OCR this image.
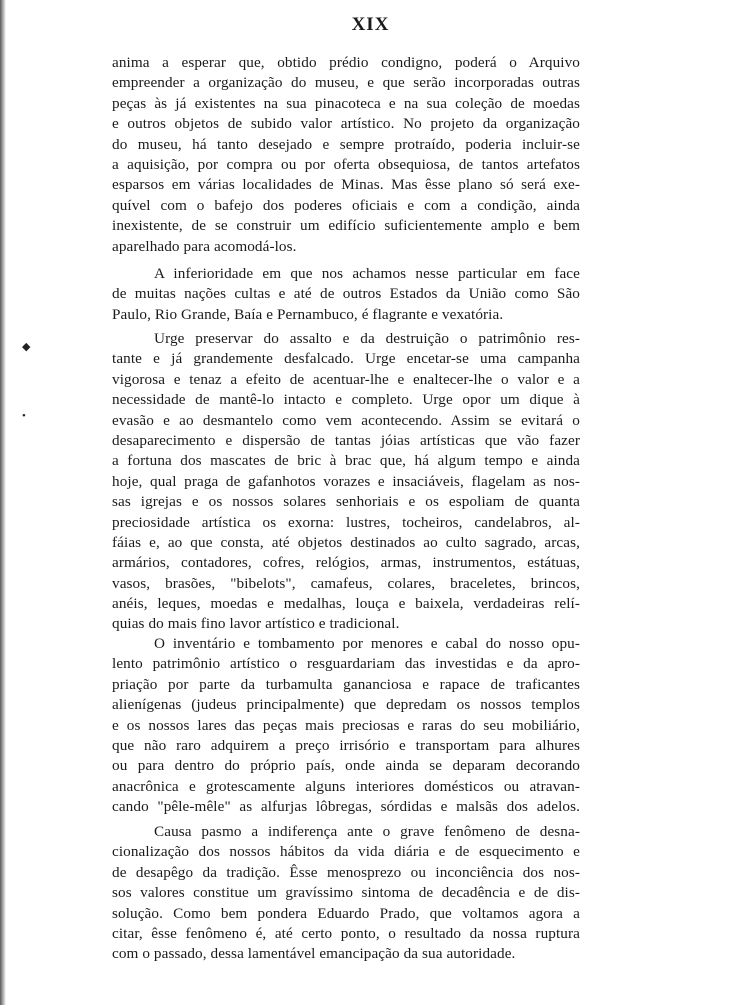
XIX
◆
•
anima a esperar que, obtido prédio condigno, poderá o Arquivo
empreender a organização do museu, e que serão incorporadas outras
peças às já existentes na sua pinacoteca e na sua coleção de moedas
e outros objetos de subido valor artístico. No projeto da organização
do museu, há tanto desejado e sempre protraído, poderia incluir-se
a aquisição, por compra ou por oferta obsequiosa, de tantos artefatos
esparsos em várias localidades de Minas. Mas êsse plano só será exe-
quível com o bafejo dos poderes oficiais e com a condição, ainda
inexistente, de se construir um edifício suficientemente amplo e bem
aparelhado para acomodá-los.
A inferioridade em que nos achamos nesse particular em face
de muitas nações cultas e até de outros Estados da União como São
Paulo, Rio Grande, Baía e Pernambuco, é flagrante e vexatória.
Urge preservar do assalto e da destruição o patrimônio res-
tante e já grandemente desfalcado. Urge encetar-se uma campanha
vigorosa e tenaz a efeito de acentuar-lhe e enaltecer-lhe o valor e a
necessidade de mantê-lo intacto e completo. Urge opor um dique à
evasão e ao desmantelo como vem acontecendo. Assim se evitará o
desaparecimento e dispersão de tantas jóias artísticas que vão fazer
a fortuna dos mascates de bric à brac que, há algum tempo e ainda
hoje, qual praga de gafanhotos vorazes e insaciáveis, flagelam as nos-
sas igrejas e os nossos solares senhoriais e os espoliam de quanta
preciosidade artística os exorna: lustres, tocheiros, candelabros, al-
fáias e, ao que consta, até objetos destinados ao culto sagrado, arcas,
armários, contadores, cofres, relógios, armas, instrumentos, estátuas,
vasos, brasões, "bibelots", camafeus, colares, braceletes, brincos,
anéis, leques, moedas e medalhas, louça e baixela, verdadeiras relí-
quias do mais fino lavor artístico e tradicional.
O inventário e tombamento por menores e cabal do nosso opu-
lento patrimônio artístico o resguardariam das investidas e da apro-
priação por parte da turbamulta gananciosa e rapace de traficantes
alienígenas (judeus principalmente) que depredam os nossos templos
e os nossos lares das peças mais preciosas e raras do seu mobiliário,
que não raro adquirem a preço irrisório e transportam para alhures
ou para dentro do próprio país, onde ainda se deparam decorando
anacrônica e grotescamente alguns interiores domésticos ou atravan-
cando "pêle-mêle" as alfurjas lôbregas, sórdidas e malsãs dos adelos.
Causa pasmo a indiferença ante o grave fenômeno de desna-
cionalização dos nossos hábitos da vida diária e de esquecimento e
de desapêgo da tradição. Êsse menosprezo ou inconciência dos nos-
sos valores constitue um gravíssimo sintoma de decadência e de dis-
solução. Como bem pondera Eduardo Prado, que voltamos agora a
citar, êsse fenômeno é, até certo ponto, o resultado da nossa ruptura
com o passado, dessa lamentável emancipação da sua autoridade.
